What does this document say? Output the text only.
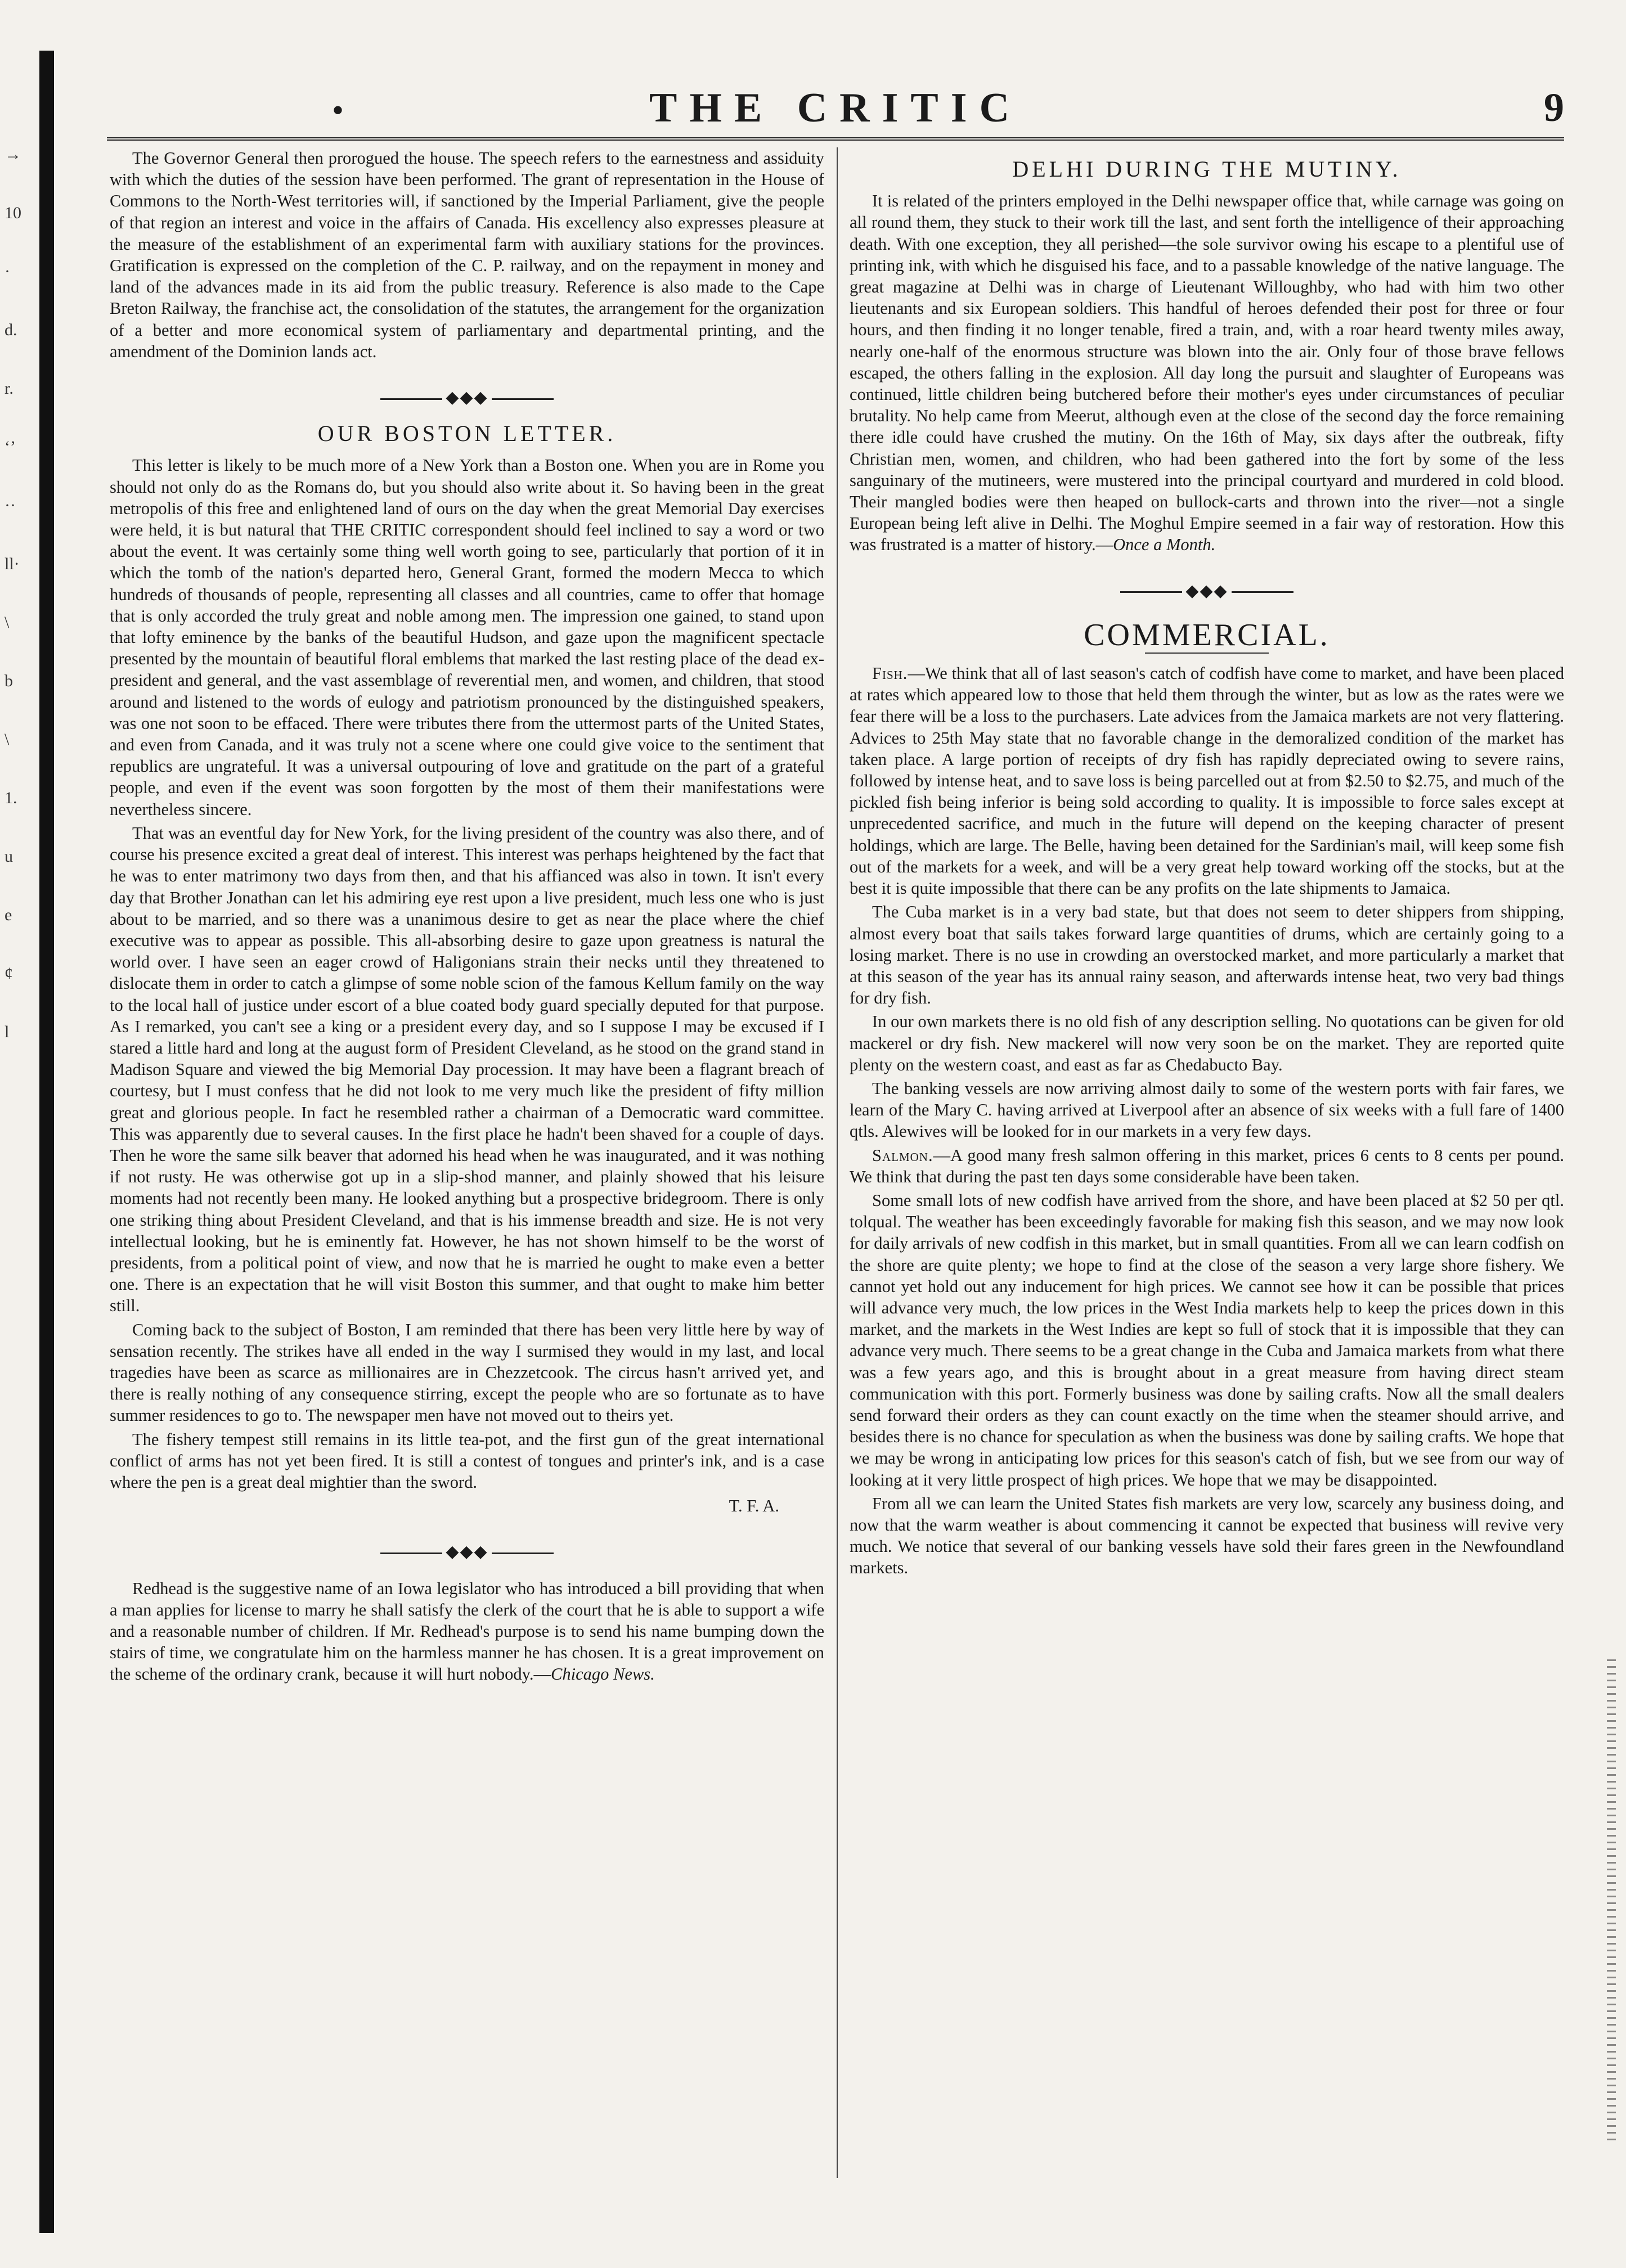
→
10
·
d.
r.
‘’
··
ll·
\
b
\
1.
u
e
¢
l
•	THE CRITIC	9

The Governor General then prorogued the house. The speech refers to the earnestness and assiduity with which the duties of the session have been performed. The grant of representation in the House of Commons to the North-West territories will, if sanctioned by the Imperial Parliament, give the people of that region an interest and voice in the affairs of Canada. His excellency also expresses pleasure at the measure of the establishment of an experimental farm with auxiliary stations for the provinces. Gratification is expressed on the completion of the C. P. railway, and on the repayment in money and land of the advances made in its aid from the public treasury. Reference is also made to the Cape Breton Railway, the franchise act, the consolidation of the statutes, the arrangement for the organization of a better and more economical system of parliamentary and departmental printing, and the amendment of the Dominion lands act.

◆◆◆
OUR BOSTON LETTER.

This letter is likely to be much more of a New York than a Boston one. When you are in Rome you should not only do as the Romans do, but you should also write about it. So having been in the great metropolis of this free and enlightened land of ours on the day when the great Memorial Day exercises were held, it is but natural that THE CRITIC correspondent should feel inclined to say a word or two about the event. It was certainly some thing well worth going to see, particularly that portion of it in which the tomb of the nation's departed hero, General Grant, formed the modern Mecca to which hundreds of thousands of people, representing all classes and all countries, came to offer that homage that is only accorded the truly great and noble among men. The impression one gained, to stand upon that lofty eminence by the banks of the beautiful Hudson, and gaze upon the magnificent spectacle presented by the mountain of beautiful floral emblems that marked the last resting place of the dead ex-president and general, and the vast assemblage of reverential men, and women, and children, that stood around and listened to the words of eulogy and patriotism pronounced by the distinguished speakers, was one not soon to be effaced. There were tributes there from the uttermost parts of the United States, and even from Canada, and it was truly not a scene where one could give voice to the sentiment that republics are ungrateful. It was a universal outpouring of love and gratitude on the part of a grateful people, and even if the event was soon forgotten by the most of them their manifestations were nevertheless sincere.

That was an eventful day for New York, for the living president of the country was also there, and of course his presence excited a great deal of interest. This interest was perhaps heightened by the fact that he was to enter matrimony two days from then, and that his affianced was also in town. It isn't every day that Brother Jonathan can let his admiring eye rest upon a live president, much less one who is just about to be married, and so there was a unanimous desire to get as near the place where the chief executive was to appear as possible. This all-absorbing desire to gaze upon greatness is natural the world over. I have seen an eager crowd of Haligonians strain their necks until they threatened to dislocate them in order to catch a glimpse of some noble scion of the famous Kellum family on the way to the local hall of justice under escort of a blue coated body guard specially deputed for that purpose. As I remarked, you can't see a king or a president every day, and so I suppose I may be excused if I stared a little hard and long at the august form of President Cleveland, as he stood on the grand stand in Madison Square and viewed the big Memorial Day procession. It may have been a flagrant breach of courtesy, but I must confess that he did not look to me very much like the president of fifty million great and glorious people. In fact he resembled rather a chairman of a Democratic ward committee. This was apparently due to several causes. In the first place he hadn't been shaved for a couple of days. Then he wore the same silk beaver that adorned his head when he was inaugurated, and it was nothing if not rusty. He was otherwise got up in a slip-shod manner, and plainly showed that his leisure moments had not recently been many. He looked anything but a prospective bridegroom. There is only one striking thing about President Cleveland, and that is his immense breadth and size. He is not very intellectual looking, but he is eminently fat. However, he has not shown himself to be the worst of presidents, from a political point of view, and now that he is married he ought to make even a better one. There is an expectation that he will visit Boston this summer, and that ought to make him better still.

Coming back to the subject of Boston, I am reminded that there has been very little here by way of sensation recently. The strikes have all ended in the way I surmised they would in my last, and local tragedies have been as scarce as millionaires are in Chezzetcook. The circus hasn't arrived yet, and there is really nothing of any consequence stirring, except the people who are so fortunate as to have summer residences to go to. The newspaper men have not moved out to theirs yet.

The fishery tempest still remains in its little tea-pot, and the first gun of the great international conflict of arms has not yet been fired. It is still a contest of tongues and printer's ink, and is a case where the pen is a great deal mightier than the sword.

T. F. A.

◆◆◆

Redhead is the suggestive name of an Iowa legislator who has introduced a bill providing that when a man applies for license to marry he shall satisfy the clerk of the court that he is able to support a wife and a reasonable number of children. If Mr. Redhead's purpose is to send his name bumping down the stairs of time, we congratulate him on the harmless manner he has chosen. It is a great improvement on the scheme of the ordinary crank, because it will hurt nobody.—Chicago News.

DELHI DURING THE MUTINY.

It is related of the printers employed in the Delhi newspaper office that, while carnage was going on all round them, they stuck to their work till the last, and sent forth the intelligence of their approaching death. With one exception, they all perished—the sole survivor owing his escape to a plentiful use of printing ink, with which he disguised his face, and to a passable knowledge of the native language. The great magazine at Delhi was in charge of Lieutenant Willoughby, who had with him two other lieutenants and six European soldiers. This handful of heroes defended their post for three or four hours, and then finding it no longer tenable, fired a train, and, with a roar heard twenty miles away, nearly one-half of the enormous structure was blown into the air. Only four of those brave fellows escaped, the others falling in the explosion. All day long the pursuit and slaughter of Europeans was continued, little children being butchered before their mother's eyes under circumstances of peculiar brutality. No help came from Meerut, although even at the close of the second day the force remaining there idle could have crushed the mutiny. On the 16th of May, six days after the outbreak, fifty Christian men, women, and children, who had been gathered into the fort by some of the less sanguinary of the mutineers, were mustered into the principal courtyard and murdered in cold blood. Their mangled bodies were then heaped on bullock-carts and thrown into the river—not a single European being left alive in Delhi. The Moghul Empire seemed in a fair way of restoration. How this was frustrated is a matter of history.—Once a Month.

◆◆◆
COMMERCIAL.

Fish.—We think that all of last season's catch of codfish have come to market, and have been placed at rates which appeared low to those that held them through the winter, but as low as the rates were we fear there will be a loss to the purchasers. Late advices from the Jamaica markets are not very flattering. Advices to 25th May state that no favorable change in the demoralized condition of the market has taken place. A large portion of receipts of dry fish has rapidly depreciated owing to severe rains, followed by intense heat, and to save loss is being parcelled out at from $2.50 to $2.75, and much of the pickled fish being inferior is being sold according to quality. It is impossible to force sales except at unprecedented sacrifice, and much in the future will depend on the keeping character of present holdings, which are large. The Belle, having been detained for the Sardinian's mail, will keep some fish out of the markets for a week, and will be a very great help toward working off the stocks, but at the best it is quite impossible that there can be any profits on the late shipments to Jamaica.

The Cuba market is in a very bad state, but that does not seem to deter shippers from shipping, almost every boat that sails takes forward large quantities of drums, which are certainly going to a losing market. There is no use in crowding an overstocked market, and more particularly a market that at this season of the year has its annual rainy season, and afterwards intense heat, two very bad things for dry fish.

In our own markets there is no old fish of any description selling. No quotations can be given for old mackerel or dry fish. New mackerel will now very soon be on the market. They are reported quite plenty on the western coast, and east as far as Chedabucto Bay.

The banking vessels are now arriving almost daily to some of the western ports with fair fares, we learn of the Mary C. having arrived at Liverpool after an absence of six weeks with a full fare of 1400 qtls. Alewives will be looked for in our markets in a very few days.

Salmon.—A good many fresh salmon offering in this market, prices 6 cents to 8 cents per pound. We think that during the past ten days some considerable have been taken.

Some small lots of new codfish have arrived from the shore, and have been placed at $2 50 per qtl. tolqual. The weather has been exceedingly favorable for making fish this season, and we may now look for daily arrivals of new codfish in this market, but in small quantities. From all we can learn codfish on the shore are quite plenty; we hope to find at the close of the season a very large shore fishery. We cannot yet hold out any inducement for high prices. We cannot see how it can be possible that prices will advance very much, the low prices in the West India markets help to keep the prices down in this market, and the markets in the West Indies are kept so full of stock that it is impossible that they can advance very much. There seems to be a great change in the Cuba and Jamaica markets from what there was a few years ago, and this is brought about in a great measure from having direct steam communication with this port. Formerly business was done by sailing crafts. Now all the small dealers send forward their orders as they can count exactly on the time when the steamer should arrive, and besides there is no chance for speculation as when the business was done by sailing crafts. We hope that we may be wrong in anticipating low prices for this season's catch of fish, but we see from our way of looking at it very little prospect of high prices. We hope that we may be disappointed.

From all we can learn the United States fish markets are very low, scarcely any business doing, and now that the warm weather is about commencing it cannot be expected that business will revive very much. We notice that several of our banking vessels have sold their fares green in the Newfoundland markets.
